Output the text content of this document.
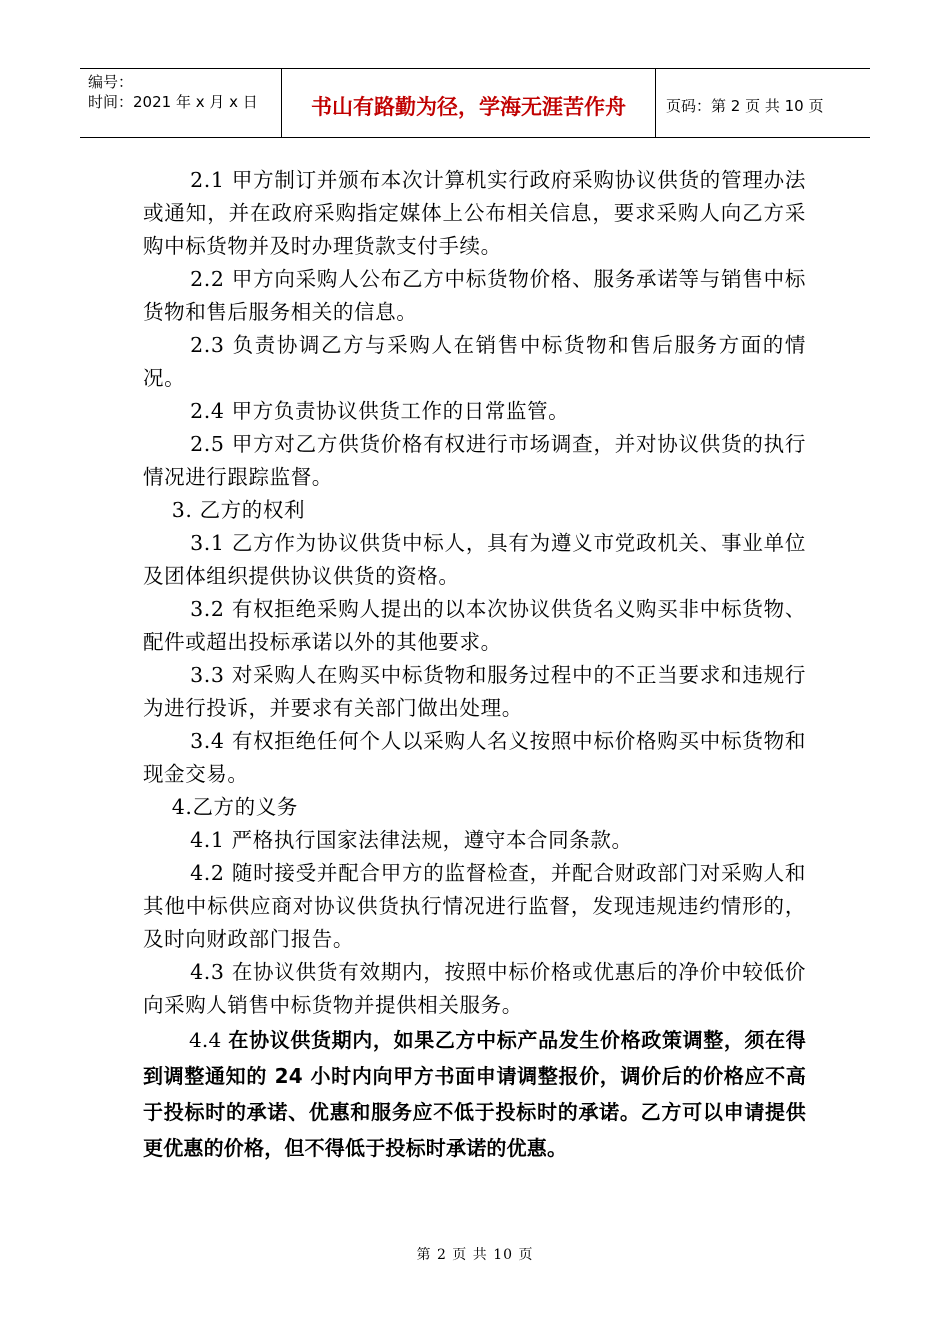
编号：
时间：2021 年 x 月 x 日	书山有路勤为径，学海无涯苦作舟	页码：第 2 页 共 10 页

2.1 甲方制订并颁布本次计算机实行政府采购协议供货的管理办法或通知，并在政府采购指定媒体上公布相关信息，要求采购人向乙方采购中标货物并及时办理货款支付手续。

2.2 甲方向采购人公布乙方中标货物价格、服务承诺等与销售中标货物和售后服务相关的信息。

2.3 负责协调乙方与采购人在销售中标货物和售后服务方面的情况。

2.4 甲方负责协议供货工作的日常监管。

2.5 甲方对乙方供货价格有权进行市场调查，并对协议供货的执行情况进行跟踪监督。

3. 乙方的权利

3.1 乙方作为协议供货中标人，具有为遵义市党政机关、事业单位及团体组织提供协议供货的资格。

3.2 有权拒绝采购人提出的以本次协议供货名义购买非中标货物、配件或超出投标承诺以外的其他要求。

3.3 对采购人在购买中标货物和服务过程中的不正当要求和违规行为进行投诉，并要求有关部门做出处理。

3.4 有权拒绝任何个人以采购人名义按照中标价格购买中标货物和现金交易。

4.乙方的义务

4.1 严格执行国家法律法规，遵守本合同条款。

4.2 随时接受并配合甲方的监督检查，并配合财政部门对采购人和其他中标供应商对协议供货执行情况进行监督，发现违规违约情形的，及时向财政部门报告。

4.3 在协议供货有效期内，按照中标价格或优惠后的净价中较低价向采购人销售中标货物并提供相关服务。

4.4 在协议供货期内，如果乙方中标产品发生价格政策调整，须在得到调整通知的 24 小时内向甲方书面申请调整报价，调价后的价格应不高于投标时的承诺、优惠和服务应不低于投标时的承诺。乙方可以申请提供更优惠的价格，但不得低于投标时承诺的优惠。

第 2 页 共 10 页
